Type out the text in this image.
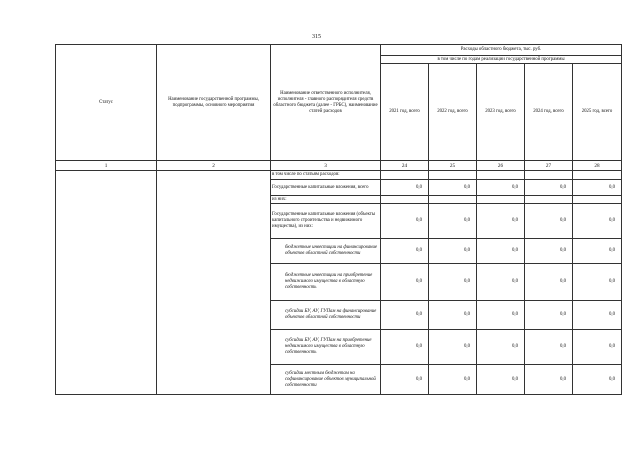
315
Статус	Наименование государственной программы, подпрограммы, основного мероприятия	Наименование ответственного исполнителя, исполнителя - главного распорядителя средств областного бюджета (далее - ГРБС), наименование статей расходов	Расходы областного бюджета, тыс. руб.				
			в том числе по годам реализации государственной программы				
			2021 год, всего	2022 год, всего	2023 год, всего	2024 год, всего	2025 год, всего
1	2	3	24	25	26	27	28
		в том числе по статьям расходов:					
		Государственные капитальные вложения, всего	0,0	0,0	0,0	0,0	0,0
		из них:					
		Государственные капитальные вложения (объекты капитального строительства и недвижимого имущества), из них:	0,0	0,0	0,0	0,0	0,0
		бюджетные инвестиции на финансирование объектов областной собственности	0,0	0,0	0,0	0,0	0,0
		бюджетные инвестиции на приобретение недвижимого имущества в областную собственность	0,0	0,0	0,0	0,0	0,0
		субсидии БУ, АУ, ГУПам на финансирование объектов областной собственности	0,0	0,0	0,0	0,0	0,0
		субсидии БУ, АУ, ГУПам на приобретение недвижимого имущества в областную собственность	0,0	0,0	0,0	0,0	0,0
		субсидии местным бюджетам на софинансирование объектов муниципальной собственности	0,0	0,0	0,0	0,0	0,0
